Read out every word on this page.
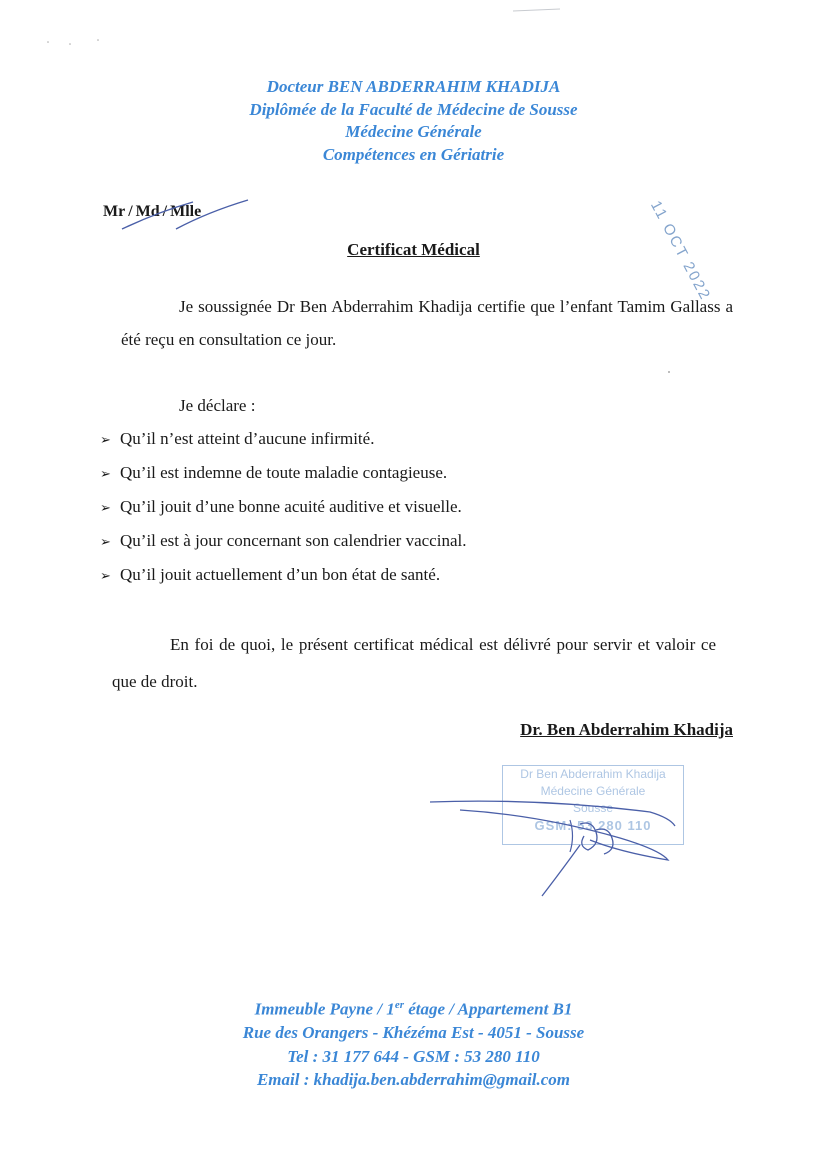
Docteur BEN ABDERRAHIM KHADIJA
Diplômée de la Faculté de Médecine de Sousse
Médecine Générale
Compétences en Gériatrie
11 OCT 2022
Mr / Md / Mlle
Certificat Médical
Je soussignée Dr Ben Abderrahim Khadija certifie que l’enfant Tamim Gallass a été reçu en consultation ce jour.
Je déclare :
➢ Qu’il n’est atteint d’aucune infirmité.
➢ Qu’il est indemne de toute maladie contagieuse.
➢ Qu’il jouit d’une bonne acuité auditive et visuelle.
➢ Qu’il est à jour concernant son calendrier vaccinal.
➢ Qu’il jouit actuellement d’un bon état de santé.
En foi de quoi, le présent certificat médical est délivré pour servir et valoir ce que de droit.
Dr. Ben Abderrahim Khadija
Dr Ben Abderrahim Khadija
Médecine Générale
Sousse
GSM: 53 280 110
Immeuble Payne / 1er étage / Appartement B1
Rue des Orangers - Khézéma Est - 4051 - Sousse
Tel : 31 177 644 - GSM : 53 280 110
Email : khadija.ben.abderrahim@gmail.com
